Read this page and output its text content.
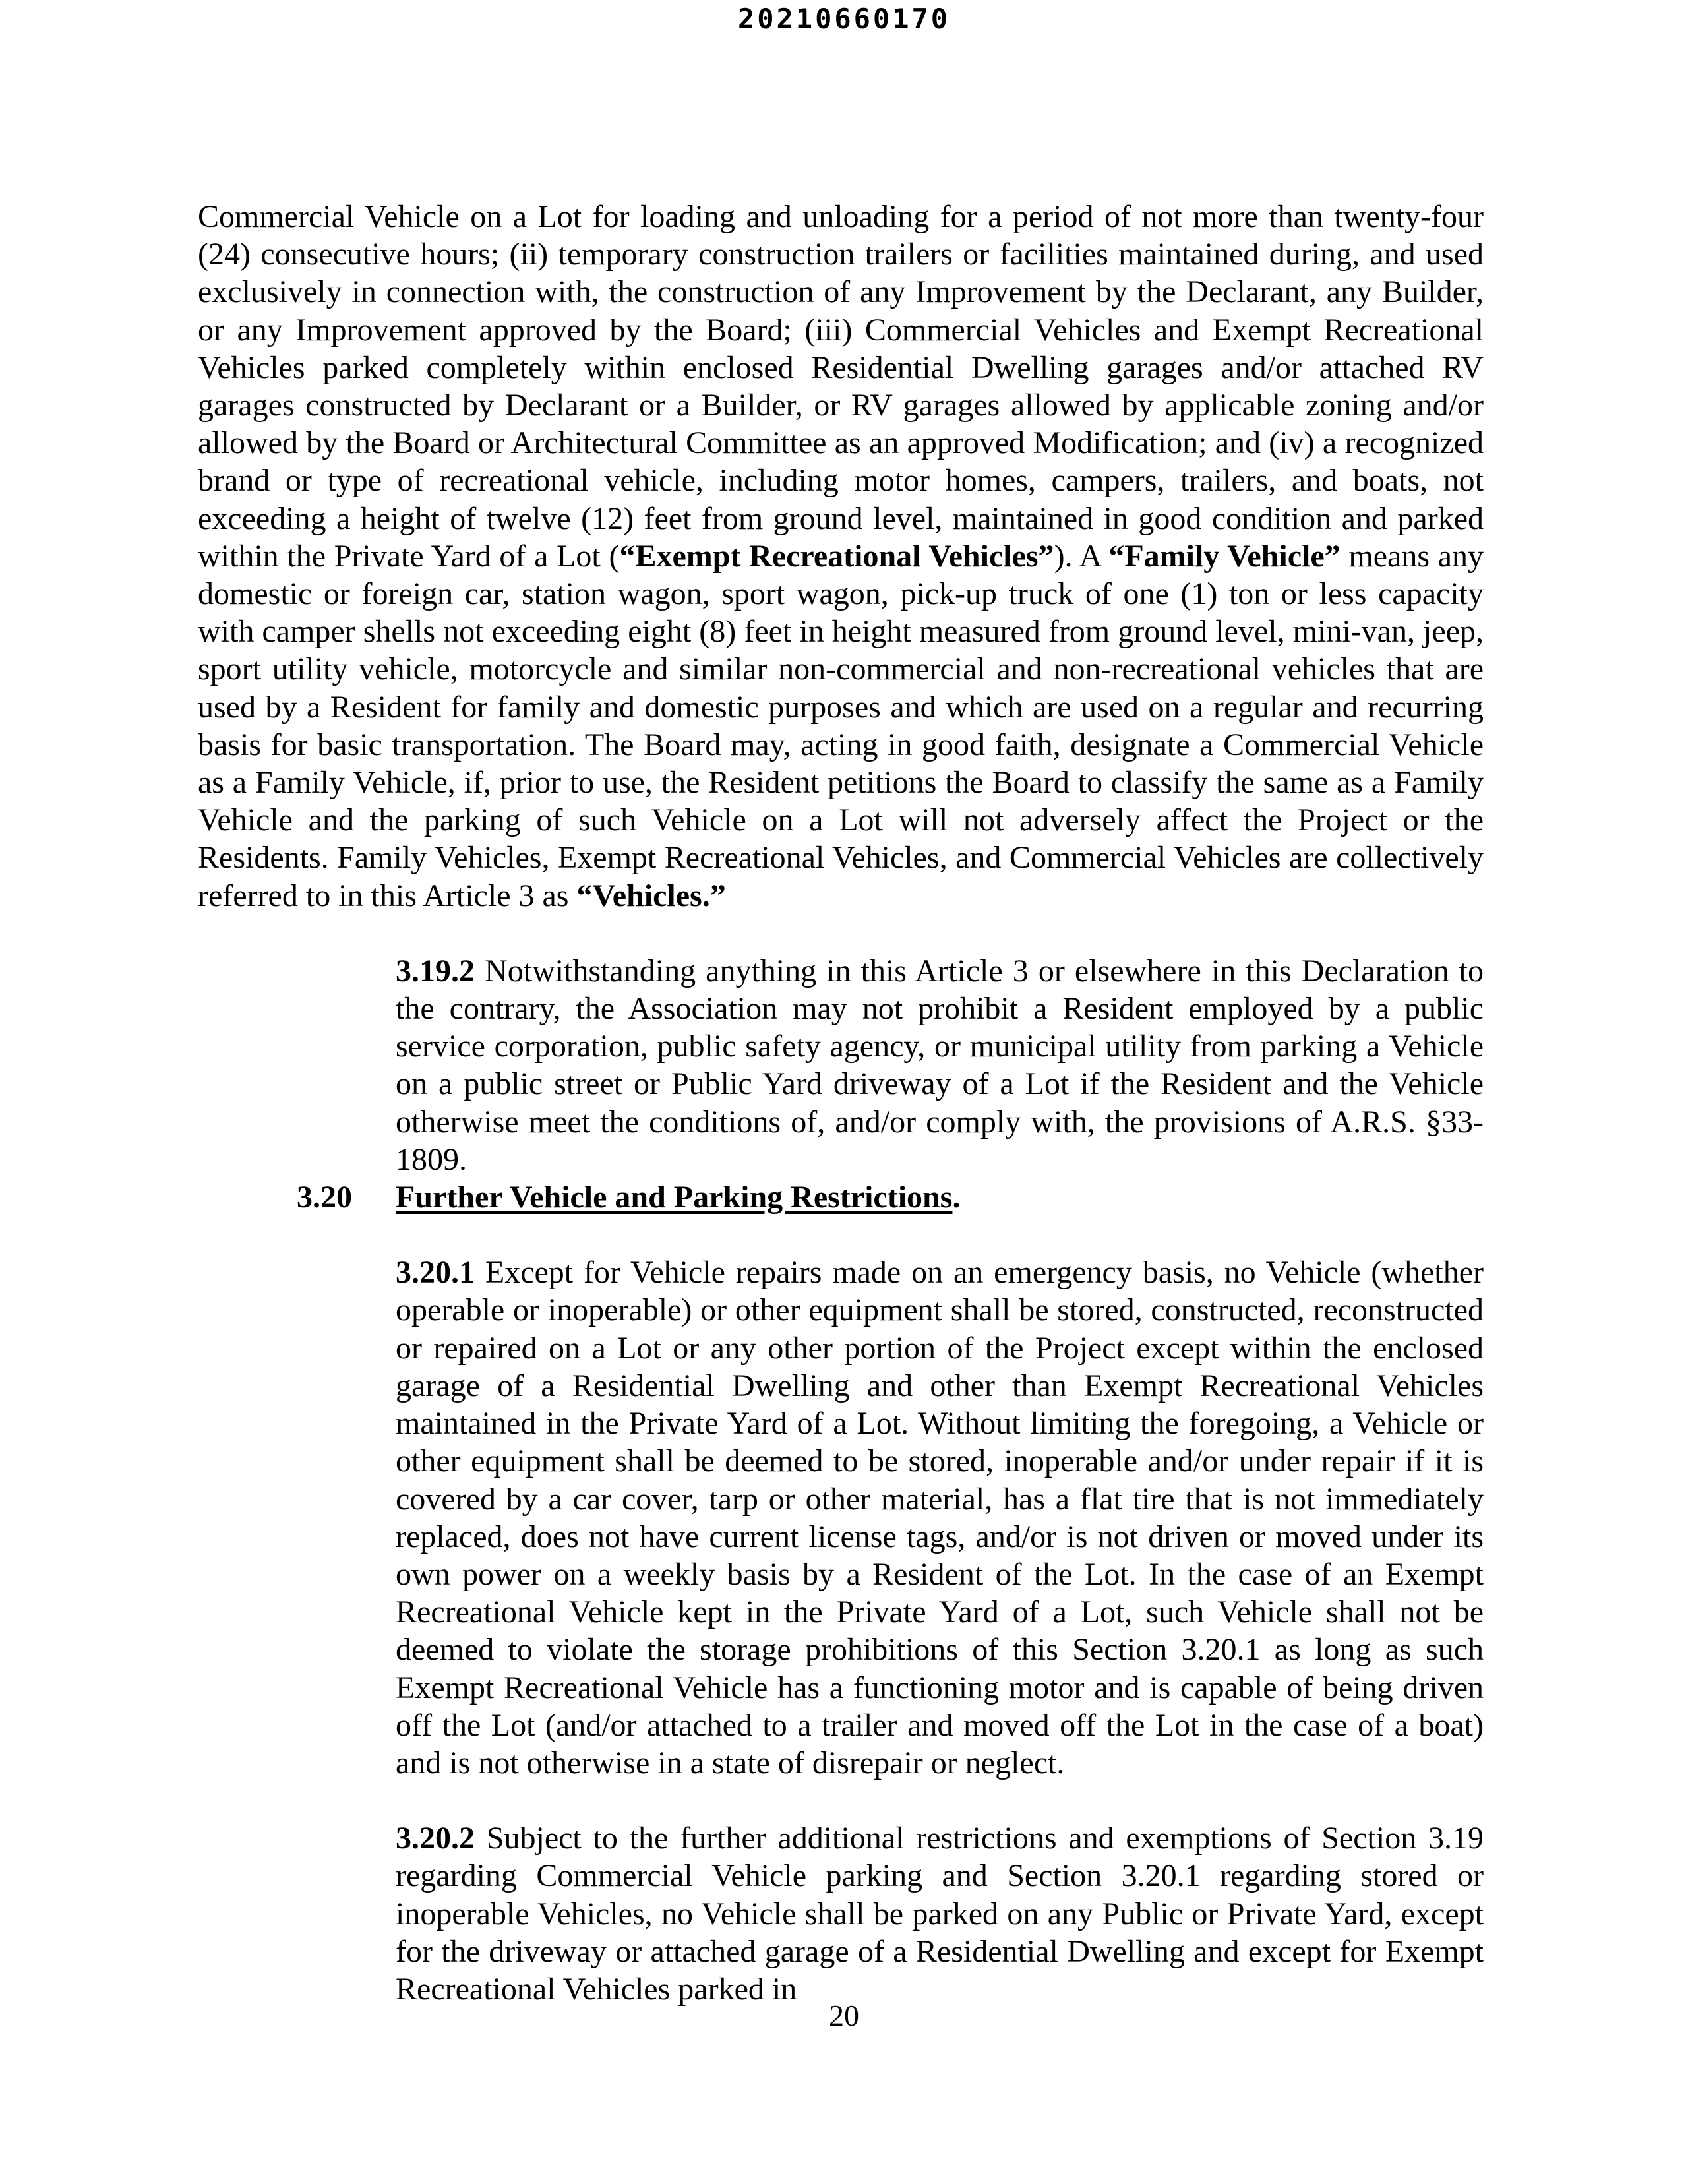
20210660170

Commercial Vehicle on a Lot for loading and unloading for a period of not more than twenty-four (24) consecutive hours; (ii) temporary construction trailers or facilities maintained during, and used exclusively in connection with, the construction of any Improvement by the Declarant, any Builder, or any Improvement approved by the Board; (iii) Commercial Vehicles and Exempt Recreational Vehicles parked completely within enclosed Residential Dwelling garages and/or attached RV garages constructed by Declarant or a Builder, or RV garages allowed by applicable zoning and/or allowed by the Board or Architectural Committee as an approved Modification; and (iv) a recognized brand or type of recreational vehicle, including motor homes, campers, trailers, and boats, not exceeding a height of twelve (12) feet from ground level, maintained in good condition and parked within the Private Yard of a Lot (“Exempt Recreational Vehicles”). A “Family Vehicle” means any domestic or foreign car, station wagon, sport wagon, pick-up truck of one (1) ton or less capacity with camper shells not exceeding eight (8) feet in height measured from ground level, mini-van, jeep, sport utility vehicle, motorcycle and similar non-commercial and non-recreational vehicles that are used by a Resident for family and domestic purposes and which are used on a regular and recurring basis for basic transportation. The Board may, acting in good faith, designate a Commercial Vehicle as a Family Vehicle, if, prior to use, the Resident petitions the Board to classify the same as a Family Vehicle and the parking of such Vehicle on a Lot will not adversely affect the Project or the Residents. Family Vehicles, Exempt Recreational Vehicles, and Commercial Vehicles are collectively referred to in this Article 3 as “Vehicles.”

3.19.2 Notwithstanding anything in this Article 3 or elsewhere in this Declaration to the contrary, the Association may not prohibit a Resident employed by a public service corporation, public safety agency, or municipal utility from parking a Vehicle on a public street or Public Yard driveway of a Lot if the Resident and the Vehicle otherwise meet the conditions of, and/or comply with, the provisions of A.R.S. §33-1809.

3.20 Further Vehicle and Parking Restrictions.

3.20.1 Except for Vehicle repairs made on an emergency basis, no Vehicle (whether operable or inoperable) or other equipment shall be stored, constructed, reconstructed or repaired on a Lot or any other portion of the Project except within the enclosed garage of a Residential Dwelling and other than Exempt Recreational Vehicles maintained in the Private Yard of a Lot. Without limiting the foregoing, a Vehicle or other equipment shall be deemed to be stored, inoperable and/or under repair if it is covered by a car cover, tarp or other material, has a flat tire that is not immediately replaced, does not have current license tags, and/or is not driven or moved under its own power on a weekly basis by a Resident of the Lot. In the case of an Exempt Recreational Vehicle kept in the Private Yard of a Lot, such Vehicle shall not be deemed to violate the storage prohibitions of this Section 3.20.1 as long as such Exempt Recreational Vehicle has a functioning motor and is capable of being driven off the Lot (and/or attached to a trailer and moved off the Lot in the case of a boat) and is not otherwise in a state of disrepair or neglect.

3.20.2 Subject to the further additional restrictions and exemptions of Section 3.19 regarding Commercial Vehicle parking and Section 3.20.1 regarding stored or inoperable Vehicles, no Vehicle shall be parked on any Public or Private Yard, except for the driveway or attached garage of a Residential Dwelling and except for Exempt Recreational Vehicles parked in

20
